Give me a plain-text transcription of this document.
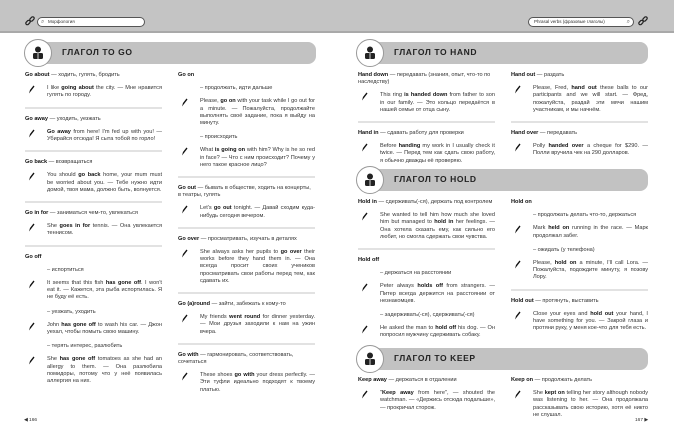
⌕ Морфология	Phrasal verbs (фразовые глаголы)	⌕
ГЛАГОЛ TO GO	ГЛАГОЛ TO HAND
ГЛАГОЛ TO HOLD
ГЛАГОЛ TO KEEP
Go about — ходить, гулять, бродить
I like going about the city. — Мне нравится гулять по городу.
Go away — уходить, уезжать
Go away from here! I'm fed up with you! — Убирайся отсюда! Я сыта тобой по горло!
Go back — возвращаться
You should go back home, your mum must be worried about you. — Тебе нужно идти домой, твоя мама, должно быть, волнуется.
Go in for — заниматься чем-то, увлекаться
She goes in for tennis. — Она увлекается теннисом.
Go off
– испортиться
It seems that this fish has gone off. I won't eat it. — Кажется, эта рыба испортилась. Я не буду её есть.
– уезжать, уходить
John has gone off to wash his car. — Джон уехал, чтобы помыть свою машину.
– терять интерес, разлюбить
She has gone off tomatoes as she had an allergy to them. — Она разлюбила помидоры, потому что у неё появилась аллергия на них.
Go on
– продолжать, идти дальше
Please, go on with your task while I go out for a minute. — Пожалуйста, продолжайте выполнять своё задание, пока я выйду на минуту.
– происходить
What is going on with him? Why is he so red in face? — Что с ним происходит? Почему у него такое красное лицо?
Go out — бывать в обществе, ходить на концерты, в театры, гулять
Let's go out tonight. — Давай сходим куда-нибудь сегодня вечером.
Go over — просматривать, изучать в деталях
She always asks her pupils to go over their works before they hand them in. — Она всегда просит своих учеников просматривать свои работы перед тем, как сдавать их.
Go (a)round — зайти, забежать к кому-то
My friends went round for dinner yesterday. — Мои друзья заходили к нам на ужин вчера.
Go with — гармонировать, соответствовать, сочетаться
These shoes go with your dress perfectly. — Эти туфли идеально подходят к твоему платью.
Hand down — передавать (знания, опыт, что-то по наследству)
This ring is handed down from father to son in our family. — Это кольцо передаётся в нашей семье от отца сыну.
Hand in — сдавать работу для проверки
Before handing my work in I usually check it twice. — Перед тем как сдать свою работу, я обычно дважды её проверяю.
Hand out — раздать
Please, Fred, hand out these balls to our participants and we will start. — Фред, пожалуйста, раздай эти мячи нашим участникам, и мы начнём.
Hand over — передавать
Polly handed over a cheque for $290. — Полли вручила чек на 290 долларов.
Hold in — сдерживать(-ся), держать под контролем
She wanted to tell him how much she loved him but managed to hold in her feelings. — Она хотела сказать ему, как сильно его любит, но смогла сдержать свои чувства.
Hold off
– держаться на расстоянии
Peter always holds off from strangers. — Питер всегда держится на расстоянии от незнакомцев.
– задерживать(-ся), сдерживать(-ся)
He asked the man to hold off his dog. — Он попросил мужчину сдерживать собаку.
Hold on
– продолжать делать что-то, держаться
Mark held on running in the race. — Марк продолжал забег.
– ожидать (у телефона)
Please, hold on a minute, I'll call Lora. — Пожалуйста, подождите минуту, я позову Лору.
Hold out — протянуть, выставить
Close your eyes and hold out your hand, I have something for you. — Закрой глаза и протяни руку, у меня кое-что для тебя есть.
Keep away — держаться в отдалении
"Keep away from here", — shouted the watchman. — «Держись отсюда подальше», — прокричал сторож.
Keep on — продолжать делать
She kept on telling her story although nobody was listening to her. — Она продолжала рассказывать свою историю, хотя её никто не слушал.
◀ 166	167 ▶
